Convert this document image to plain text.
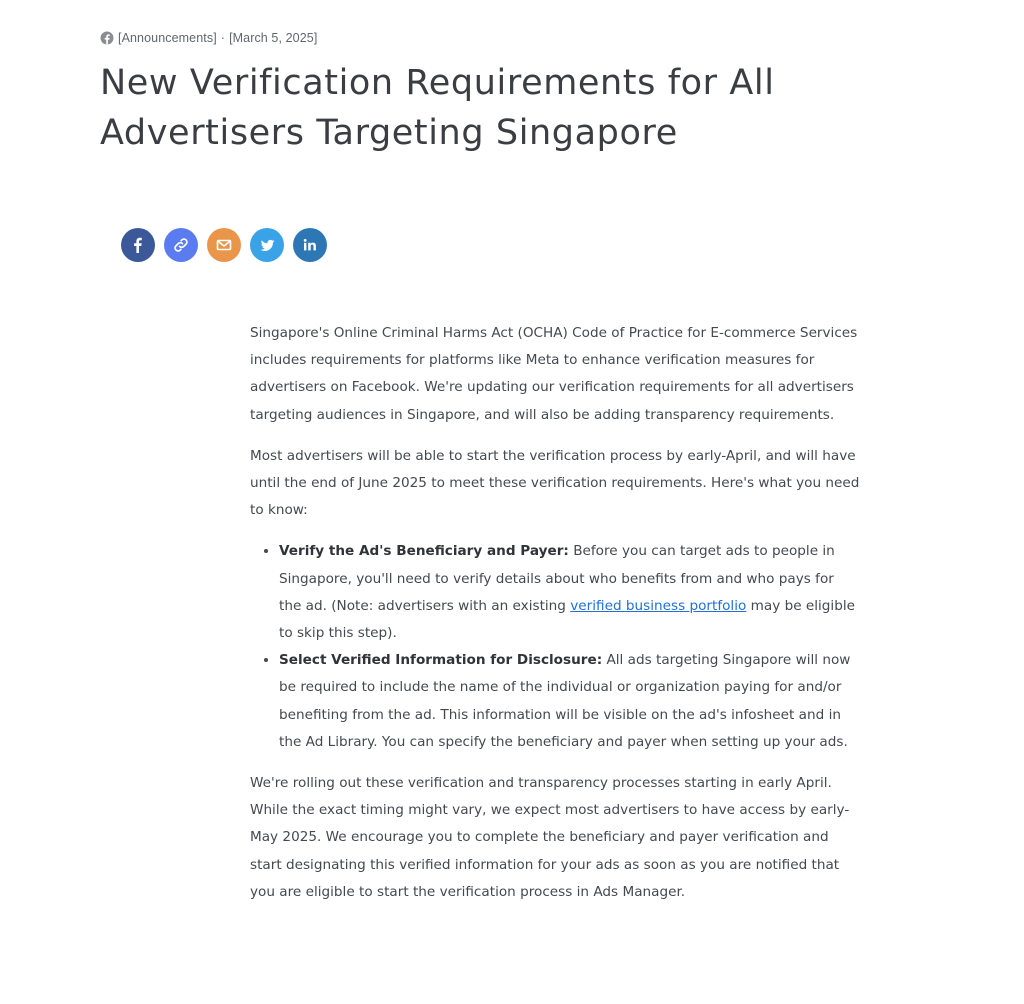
[Announcements] · [March 5, 2025]
New Verification Requirements for All Advertisers Targeting Singapore

Singapore's Online Criminal Harms Act (OCHA) Code of Practice for E-commerce Services includes requirements for platforms like Meta to enhance verification measures for advertisers on Facebook. We're updating our verification requirements for all advertisers targeting audiences in Singapore, and will also be adding transparency requirements.

Most advertisers will be able to start the verification process by early-April, and will have until the end of June 2025 to meet these verification requirements. Here's what you need to know:

• Verify the Ad's Beneficiary and Payer: Before you can target ads to people in Singapore, you'll need to verify details about who benefits from and who pays for the ad. (Note: advertisers with an existing verified business portfolio may be eligible to skip this step).
• Select Verified Information for Disclosure: All ads targeting Singapore will now be required to include the name of the individual or organization paying for and/or benefiting from the ad. This information will be visible on the ad's infosheet and in the Ad Library. You can specify the beneficiary and payer when setting up your ads.

We're rolling out these verification and transparency processes starting in early April. While the exact timing might vary, we expect most advertisers to have access by early-May 2025. We encourage you to complete the beneficiary and payer verification and start designating this verified information for your ads as soon as you are notified that you are eligible to start the verification process in Ads Manager.
